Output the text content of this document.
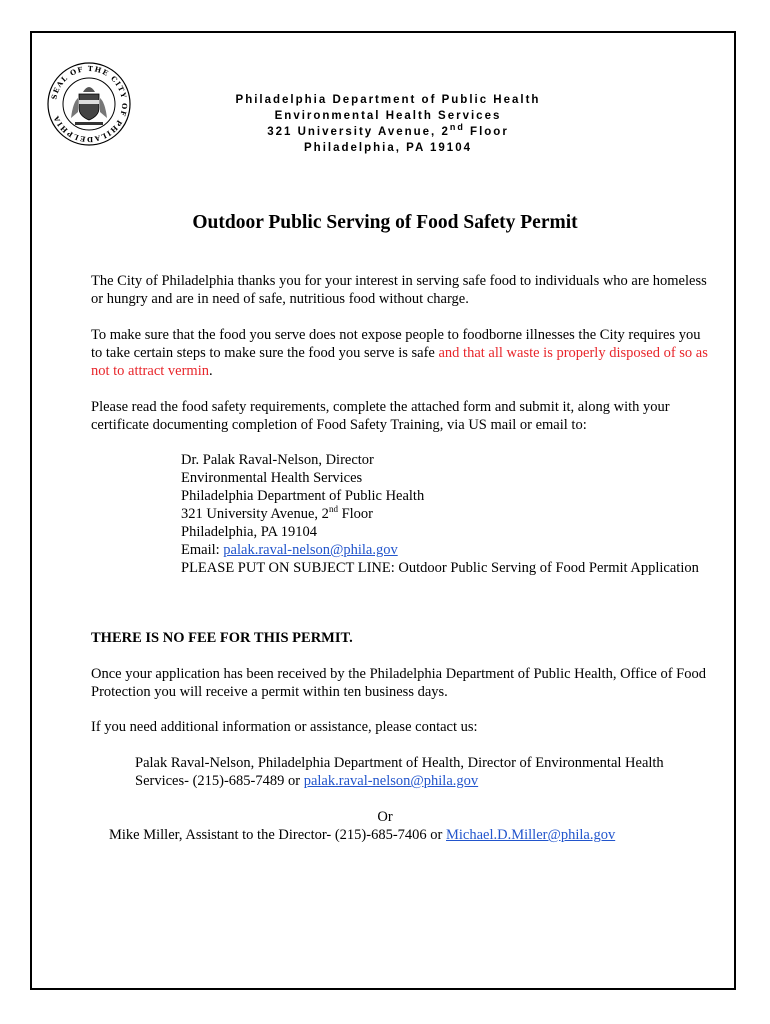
SEAL OF THE CITY OF PHILADELPHIA
Philadelphia Department of Public Health
Environmental Health Services
321 University Avenue, 2nd Floor
Philadelphia, PA 19104
Outdoor Public Serving of Food Safety Permit

The City of Philadelphia thanks you for your interest in serving safe food to individuals who are homeless or hungry and are in need of safe, nutritious food without charge.

To make sure that the food you serve does not expose people to foodborne illnesses the City requires you to take certain steps to make sure the food you serve is safe and that all waste is properly disposed of so as not to attract vermin.

Please read the food safety requirements, complete the attached form and submit it, along with your certificate documenting completion of Food Safety Training, via US mail or email to:

Dr. Palak Raval-Nelson, Director
Environmental Health Services
Philadelphia Department of Public Health
321 University Avenue, 2nd Floor
Philadelphia, PA 19104
Email: palak.raval-nelson@phila.gov
PLEASE PUT ON SUBJECT LINE: Outdoor Public Serving of Food Permit Application

THERE IS NO FEE FOR THIS PERMIT.

Once your application has been received by the Philadelphia Department of Public Health, Office of Food Protection you will receive a permit within ten business days.

If you need additional information or assistance, please contact us:

Palak Raval-Nelson, Philadelphia Department of Health, Director of Environmental Health Services- (215)-685-7489 or palak.raval-nelson@phila.gov
Or
Mike Miller, Assistant to the Director- (215)-685-7406 or Michael.D.Miller@phila.gov
